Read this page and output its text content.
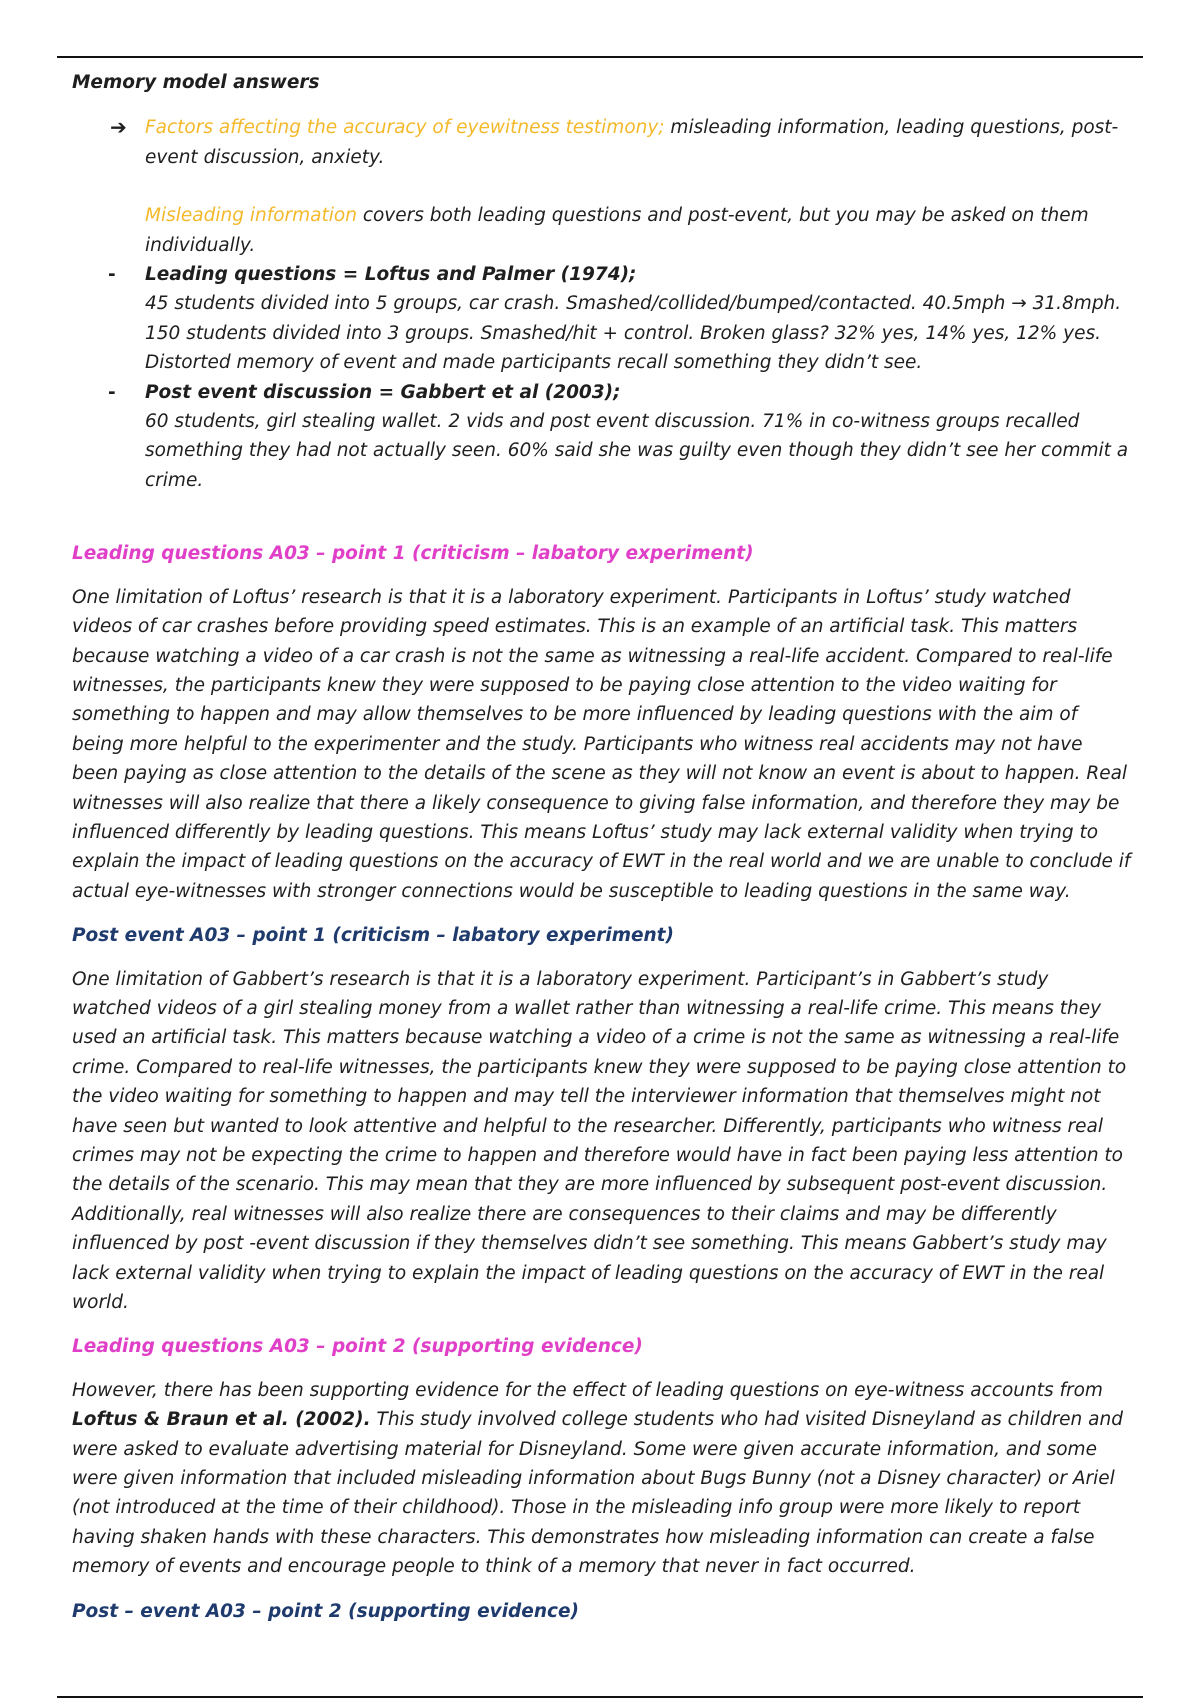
Memory model answers
➔ Factors affecting the accuracy of eyewitness testimony; misleading information, leading questions, post-event discussion, anxiety.

Misleading information covers both leading questions and post-event, but you may be asked on them individually.

- Leading questions = Loftus and Palmer (1974);
45 students divided into 5 groups, car crash. Smashed/collided/bumped/contacted. 40.5mph → 31.8mph.
150 students divided into 3 groups. Smashed/hit + control. Broken glass? 32% yes, 14% yes, 12% yes.
Distorted memory of event and made participants recall something they didn’t see.
- Post event discussion = Gabbert et al (2003);
60 students, girl stealing wallet. 2 vids and post event discussion. 71% in co-witness groups recalled something they had not actually seen. 60% said she was guilty even though they didn’t see her commit a crime.
Leading questions A03 – point 1 (criticism – labatory experiment)

One limitation of Loftus’ research is that it is a laboratory experiment. Participants in Loftus’ study watched videos of car crashes before providing speed estimates. This is an example of an artificial task. This matters because watching a video of a car crash is not the same as witnessing a real-life accident. Compared to real-life witnesses, the participants knew they were supposed to be paying close attention to the video waiting for something to happen and may allow themselves to be more influenced by leading questions with the aim of being more helpful to the experimenter and the study. Participants who witness real accidents may not have been paying as close attention to the details of the scene as they will not know an event is about to happen. Real witnesses will also realize that there a likely consequence to giving false information, and therefore they may be influenced differently by leading questions. This means Loftus’ study may lack external validity when trying to explain the impact of leading questions on the accuracy of EWT in the real world and we are unable to conclude if actual eye-witnesses with stronger connections would be susceptible to leading questions in the same way.

Post event A03 – point 1 (criticism – labatory experiment)

One limitation of Gabbert’s research is that it is a laboratory experiment. Participant’s in Gabbert’s study watched videos of a girl stealing money from a wallet rather than witnessing a real-life crime. This means they used an artificial task. This matters because watching a video of a crime is not the same as witnessing a real-life crime. Compared to real-life witnesses, the participants knew they were supposed to be paying close attention to the video waiting for something to happen and may tell the interviewer information that themselves might not have seen but wanted to look attentive and helpful to the researcher. Differently, participants who witness real crimes may not be expecting the crime to happen and therefore would have in fact been paying less attention to the details of the scenario. This may mean that they are more influenced by subsequent post-event discussion. Additionally, real witnesses will also realize there are consequences to their claims and may be differently influenced by post -event discussion if they themselves didn’t see something. This means Gabbert’s study may lack external validity when trying to explain the impact of leading questions on the accuracy of EWT in the real world.

Leading questions A03 – point 2 (supporting evidence)

However, there has been supporting evidence for the effect of leading questions on eye-witness accounts from Loftus & Braun et al. (2002). This study involved college students who had visited Disneyland as children and were asked to evaluate advertising material for Disneyland. Some were given accurate information, and some were given information that included misleading information about Bugs Bunny (not a Disney character) or Ariel (not introduced at the time of their childhood). Those in the misleading info group were more likely to report having shaken hands with these characters. This demonstrates how misleading information can create a false memory of events and encourage people to think of a memory that never in fact occurred.

Post – event A03 – point 2 (supporting evidence)
